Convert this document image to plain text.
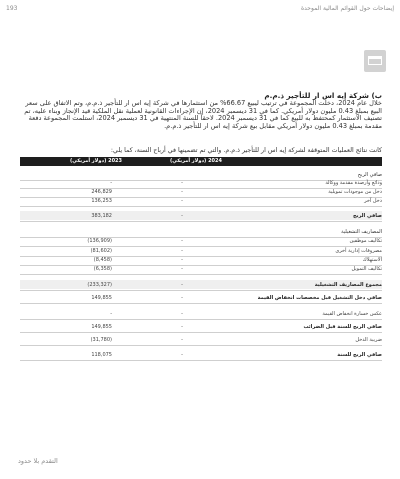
193	إيضاحات حول القوائم المالية الموحدة
ب) شركة إيه اس ار للتأجير ذ.م.م
خلال عام 2024، دخلت المجموعة في ترتيب ليبيع 66.67% من استثمارها في شركة إيه اس ار للتأجير ذ.م.م، وتم الاتفاق على سعر البيع بمبلغ 0.43 مليون دولار أمريكي. كما في 31 ديسمبر 2024، إن الإجراءات القانونية لعملية نقل الملكية قيد الإنجاز وبناء عليه، تم تصنيف الاستثمار كمحتفظ به للبيع كما في 31 ديسمبر 2024. لاحقاً للسنة المنتهية في 31 ديسمبر 2024، استلمت المجموعة دفعة مقدمة بمبلغ 0.43 مليون دولار أمريكي مقابل بيع شركة إيه اس ار للتأجير ذ.م.م.
كانت نتائج العمليات المتوقفة لشركة إيه اس ار للتأجير ذ.م.م. والتي تم تضمينها في أرباح السنة، كما يلي:
2024 (دولار أمريكي)
2023 (دولار أمريكي)
صافي الربح
ودائع وأرصدة مقدمة ووكالة
-
-
دخل من موجودات تمويلية
-
246,829
دخل آخر
-
136,253
صافي الربح
-
383,182
المصاريف التشغيلية
تكاليف موظفين
-
(136,909)
مصروفات إدارية أخرى
-
(81,602)
الاستهلاك
-
(8,458)
تكاليف التمويل
-
(6,358)
مجموع المصاريف التشغيلية
-
(233,327)
صافي دخل التشغيل قبل مخصصات انخفاض القيمة
-
149,855
عكس خسارة انخفاض القيمة
-
-
صافي الربح للسنة قبل الضرائب
-
149,855
ضريبة الدخل
-
(31,780)
صافي الربح للسنة
-
118,075
التقدم بلا حدود
